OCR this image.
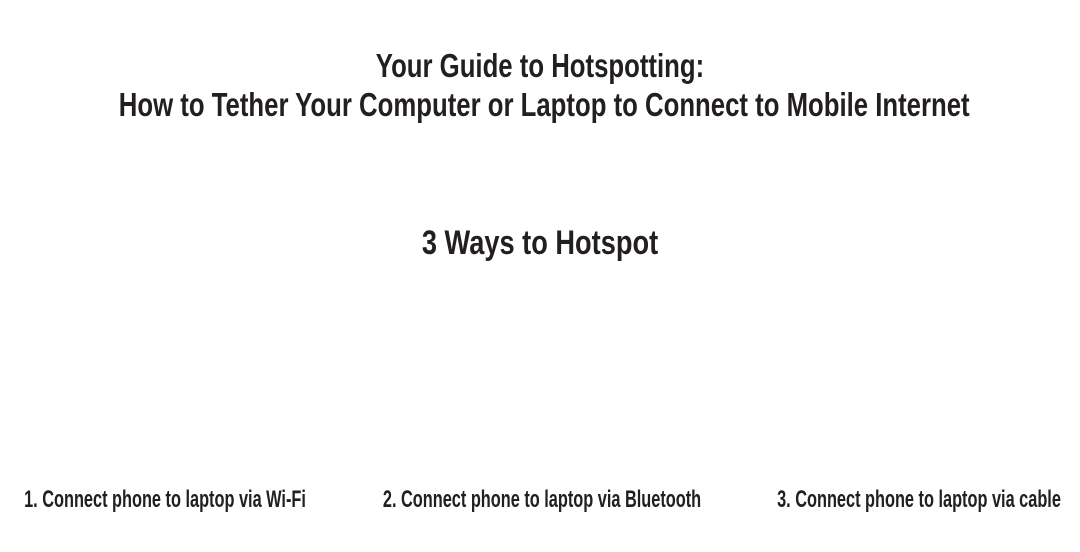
Your Guide to Hotspotting:
How to Tether Your Computer or Laptop to Connect to Mobile Internet
3 Ways to Hotspot

1. Connect phone to laptop via Wi-Fi	2. Connect phone to laptop via Bluetooth	3. Connect phone to laptop via cable
